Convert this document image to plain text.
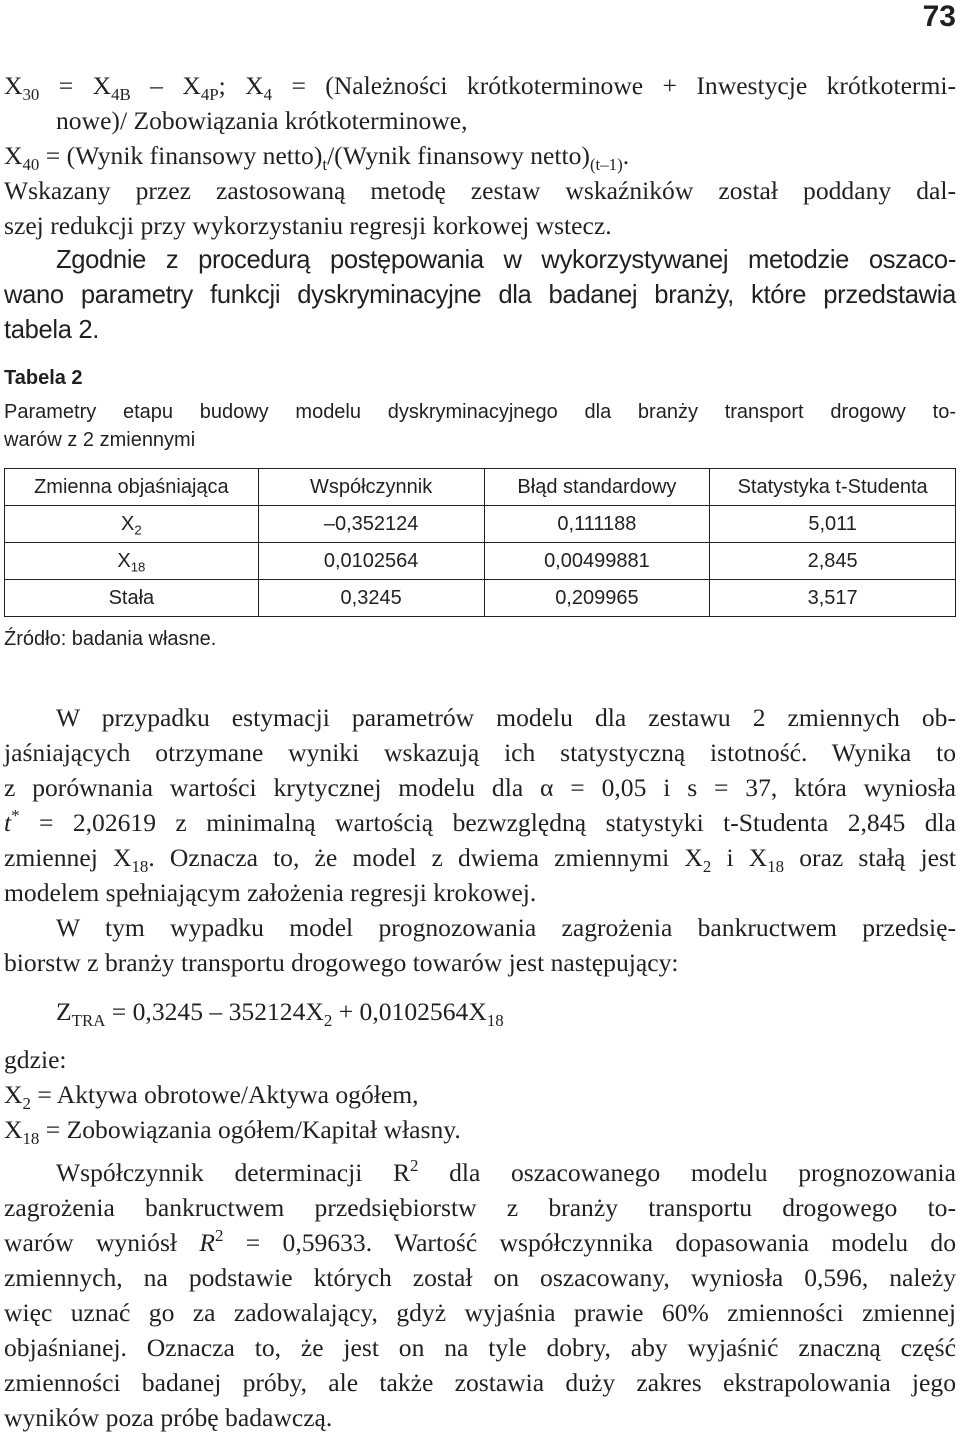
73
$X_{30} = X_{4B} - X_{4P}$; $X_4$ = (Należności krótkoterminowe + Inwestycje krótkotermi-
nowe)/ Zobowiązania krótkoterminowe,
$X_{40}$ = (Wynik finansowy $netto)_t/(Wynik$ finansowy $netto)_{(t-1)}$.
Wskazany przez zastosowaną metodę zestaw wskaźników został poddany dal-
szej redukcji przy wykorzystaniu regresji korkowej wstecz.
Zgodnie z procedurą postępowania w wykorzystywanej metodzie oszaco-
wano parametry funkcji dyskryminacyjne dla badanej branży, które przedstawia
tabela 2.
Tabela 2
Parametry etapu budowy modelu dyskryminacyjnego dla branży transport drogowy to-
warów z 2 zmiennymi
Zmienna objaśniająca	Współczynnik	Błąd standardowy	Statystyka t-Studenta
$X_2$	–0,352124	0,111188	5,011
$X_{18}$	0,0102564	0,00499881	2,845
Stała	0,3245	0,209965	3,517
Źródło: badania własne.
W przypadku estymacji parametrów modelu dla zestawu 2 zmiennych ob-
jaśniających otrzymane wyniki wskazują ich statystyczną istotność. Wynika to
z porównania wartości krytycznej modelu dla α = 0,05 i s = 37, która wyniosła
t* = 2,02619 z minimalną wartością bezwzględną statystyki t-Studenta 2,845 dla
zmiennej $X_{18}$. Oznacza to, że model z dwiema zmiennymi $X_2$ i $X_{18}$ oraz stałą jest
modelem spełniającym założenia regresji krokowej.
W tym wypadku model prognozowania zagrożenia bankructwem przedsię-
biorstw z branży transportu drogowego towarów jest następujący:
$Z_{TRA} = 0,3245 - 352124X_2 + 0,0102564X_{18}$
gdzie:
$X_2$ = Aktywa obrotowe/Aktywa ogółem,
$X_{18}$ = Zobowiązania ogółem/Kapitał własny.
Współczynnik determinacji $R^2$ dla oszacowanego modelu prognozowania
zagrożenia bankructwem przedsiębiorstw z branży transportu drogowego to-
warów wyniósł $R^2 = 0,59633$. Wartość współczynnika dopasowania modelu do
zmiennych, na podstawie których został on oszacowany, wyniosła 0,596, należy
więc uznać go za zadowalający, gdyż wyjaśnia prawie 60% zmienności zmiennej
objaśnianej. Oznacza to, że jest on na tyle dobry, aby wyjaśnić znaczną część
zmienności badanej próby, ale także zostawia duży zakres ekstrapolowania jego
wyników poza próbę badawczą.
